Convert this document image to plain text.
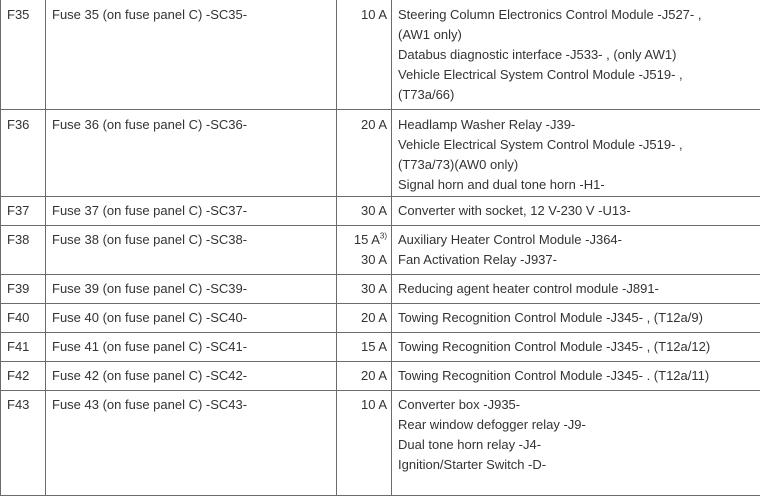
F35	Fuse 35 (on fuse panel C) -SC35-	10 A	Steering Column Electronics Control Module -J527- ,
(AW1 only)
Databus diagnostic interface -J533- , (only AW1)
Vehicle Electrical System Control Module -J519- ,
(T73a/66)

F36	Fuse 36 (on fuse panel C) -SC36-	20 A	Headlamp Washer Relay -J39-
Vehicle Electrical System Control Module -J519- ,
(T73a/73)(AW0 only)
Signal horn and dual tone horn -H1-

F37	Fuse 37 (on fuse panel C) -SC37-	30 A	Converter with socket, 12 V-230 V -U13-

F38	Fuse 38 (on fuse panel C) -SC38-	15 $A^{3)}$
30 A	Auxiliary Heater Control Module -J364-
Fan Activation Relay -J937-

F39	Fuse 39 (on fuse panel C) -SC39-	30 A	Reducing agent heater control module -J891-

F40	Fuse 40 (on fuse panel C) -SC40-	20 A	Towing Recognition Control Module -J345- , (T12a/9)

F41	Fuse 41 (on fuse panel C) -SC41-	15 A	Towing Recognition Control Module -J345- , (T12a/12)

F42	Fuse 42 (on fuse panel C) -SC42-	20 A	Towing Recognition Control Module -J345- . (T12a/11)

F43	Fuse 43 (on fuse panel C) -SC43-	10 A	Converter box -J935-
Rear window defogger relay -J9-
Dual tone horn relay -J4-
Ignition/Starter Switch -D-
